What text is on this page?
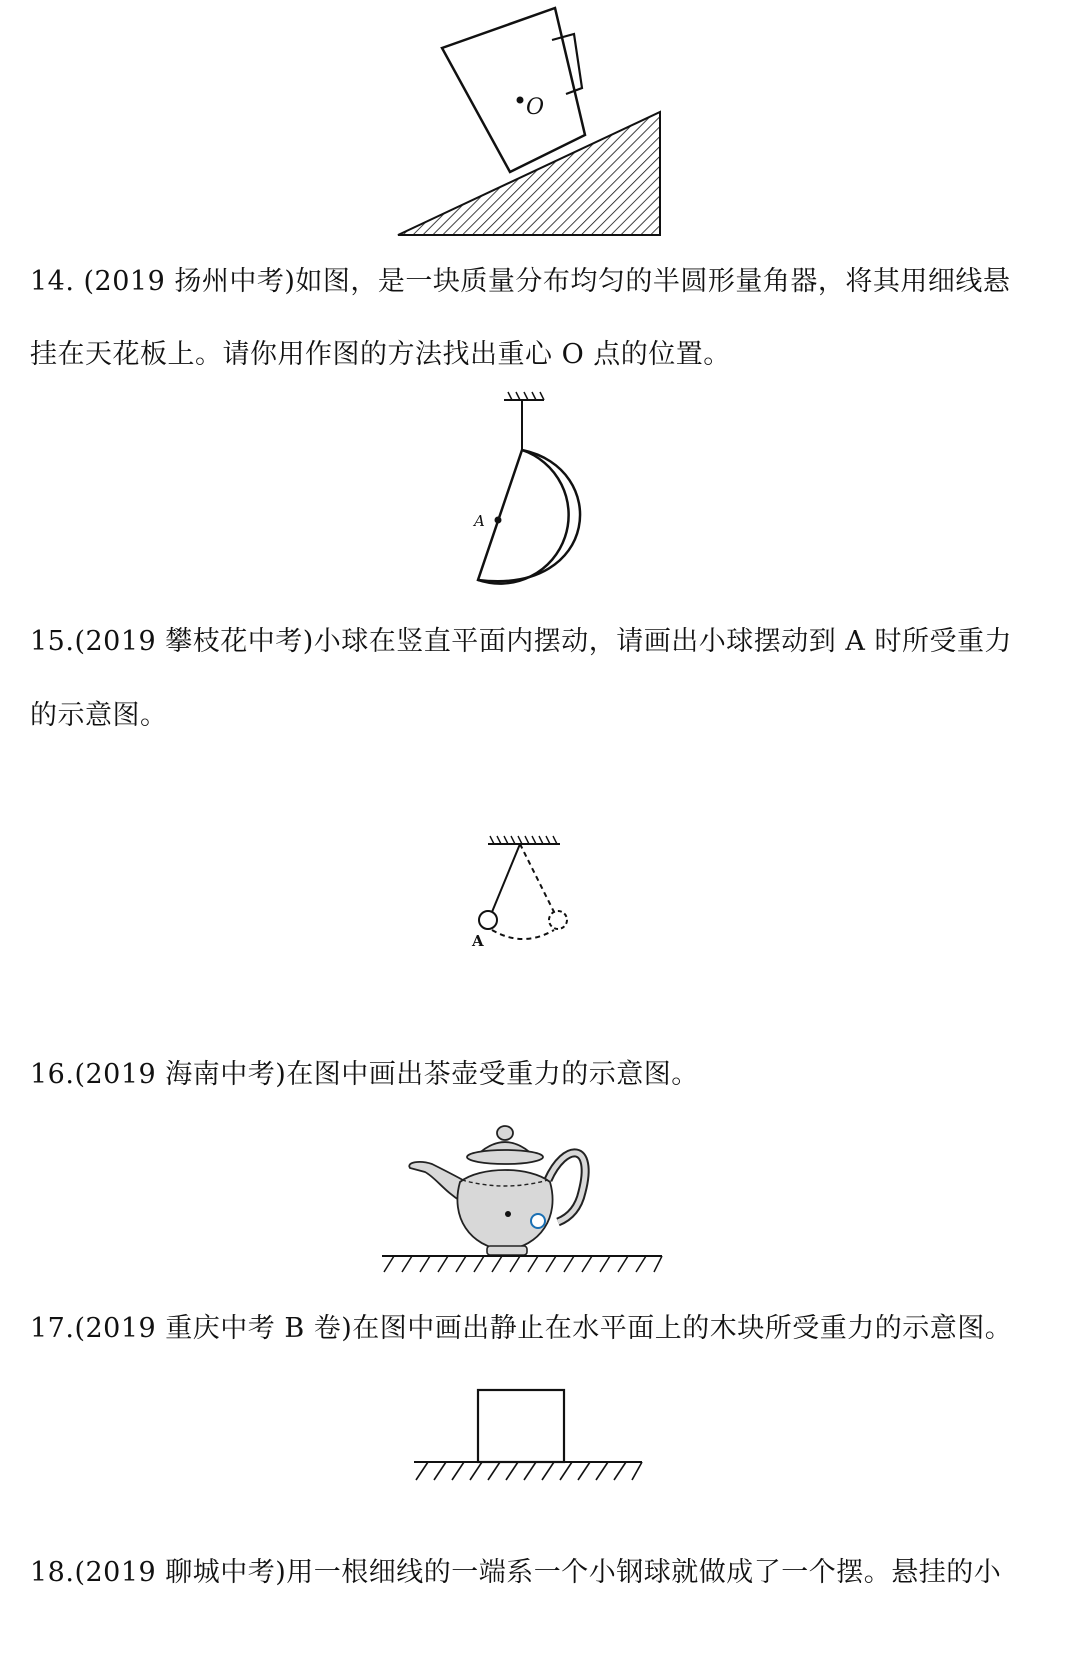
O
14. (2019 扬州中考)如图，是一块质量分布均匀的半圆形量角器，将其用细线悬
挂在天花板上。请你用作图的方法找出重心 O 点的位置。
A
15.(2019 攀枝花中考)小球在竖直平面内摆动，请画出小球摆动到 A 时所受重力
的示意图。
A
16.(2019 海南中考)在图中画出茶壶受重力的示意图。
17.(2019 重庆中考 B 卷)在图中画出静止在水平面上的木块所受重力的示意图。
18.(2019 聊城中考)用一根细线的一端系一个小钢球就做成了一个摆。悬挂的小
